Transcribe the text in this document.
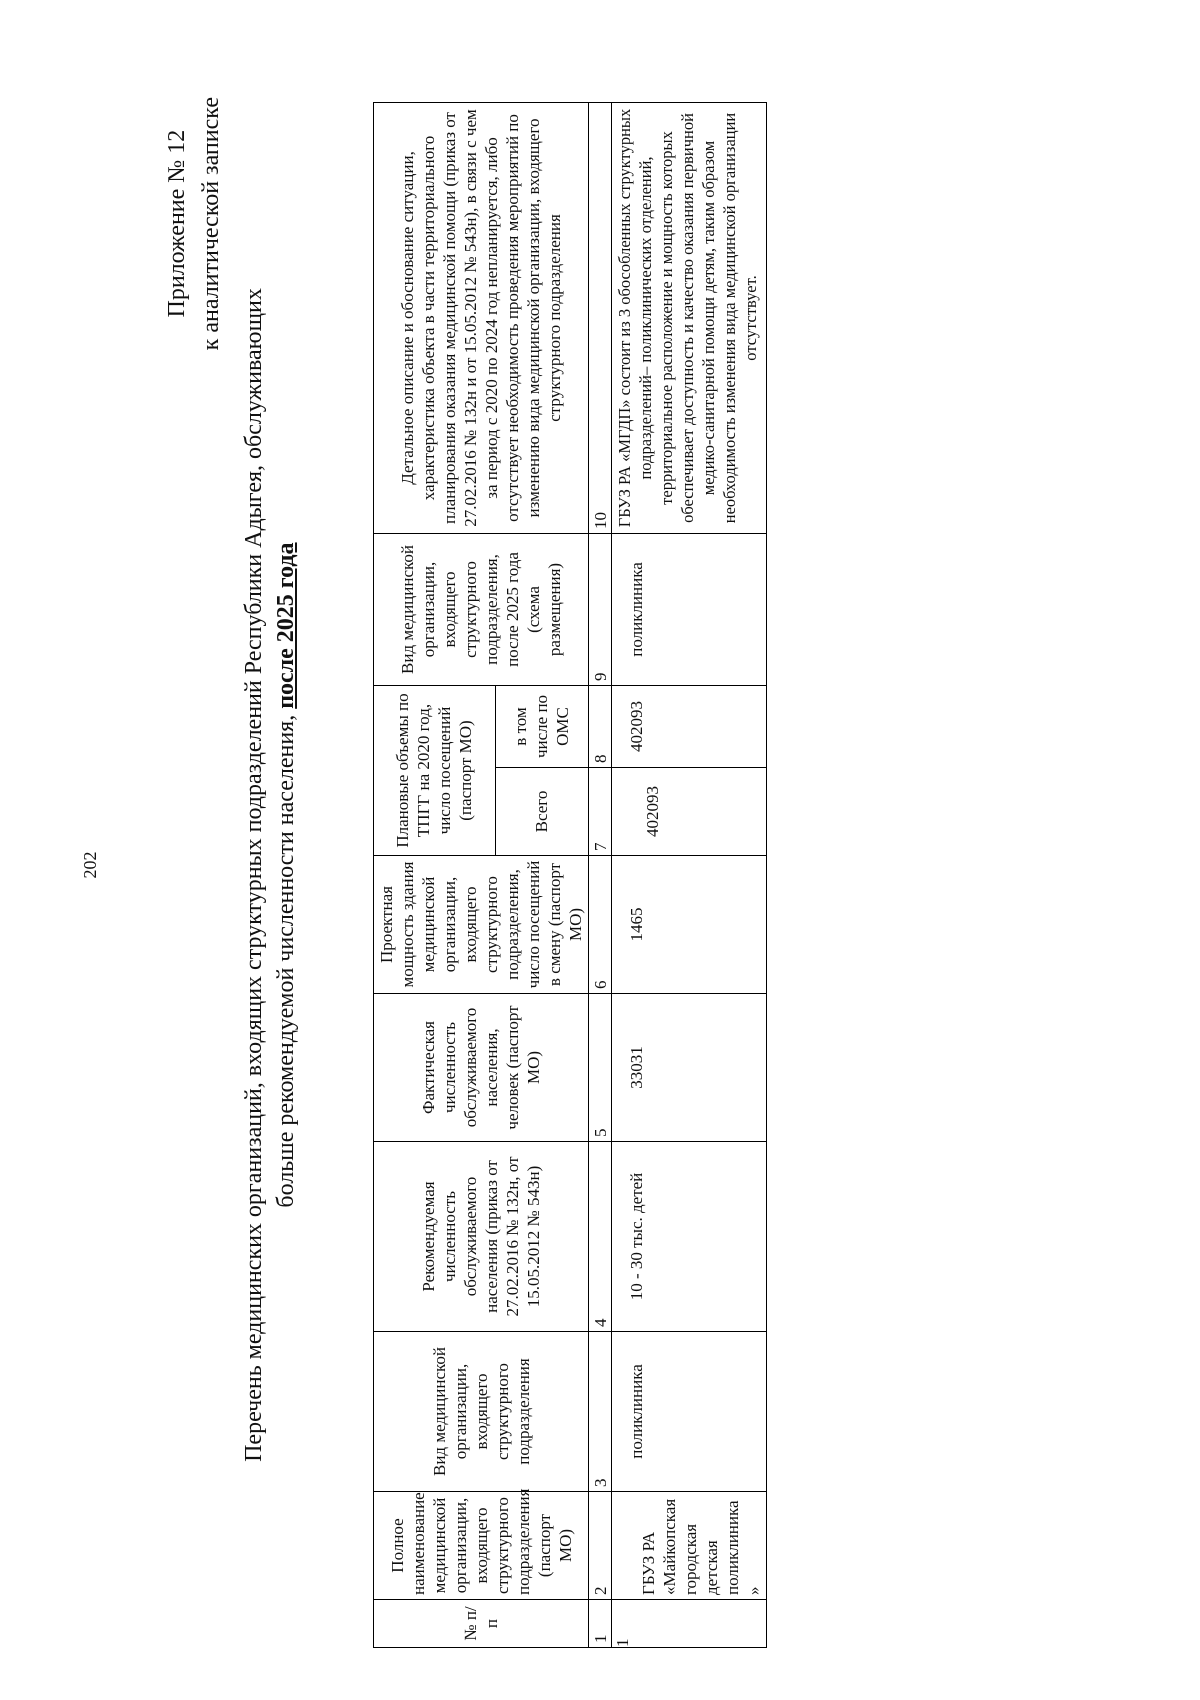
202
Приложение № 12 к аналитической записке
Перечень медицинских организаций, входящих структурных подразделений Республики Адыгея, обслуживающих больше рекомендуемой численности населения, после 2025 года
№ п/п	Полное наименование медицинской организации, входящего структурного подразделения (паспорт МО)	Вид медицинской организации, входящего структурного подразделения	Рекомендуемая численность обслуживаемого населения (приказ от 27.02.2016 № 132н, от 15.05.2012 № 543н)	Фактическая численность обслуживаемого населения, человек (паспорт МО)	Проектная мощность здания медицинской организации, входящего структурного подразделения, число посещений в смену (паспорт МО)	Плановые объемы по ТПГГ на 2020 год, число посещений (паспорт МО)		Вид медицинской организации, входящего структурного подразделения, после 2025 года (схема размещения)	Детальное описание и обоснование ситуации, характеристика объекта в части территориального планирования оказания медицинской помощи (приказ от 27.02.2016 № 132н и от 15.05.2012 № 543н), в связи с чем за период с 2020 по 2024 год непланируется, либо отсутствует необходимость проведения мероприятий по изменению вида медицинской организации, входящего структурного подразделения
						Всего	в том числе по ОМС		
1	2	3	4	5	6	7	8	9	10
1	ГБУЗ РА «Майкопская городская детская поликлиника »	поликлиника	10 - 30 тыс. детей	33031	1465	402093	402093	поликлиника	ГБУЗ РА «МГДП» состоит из 3 обособленных структурных подразделений– поликлинических отделений, территориальное расположение и мощность которых обеспечивает доступность и качество оказания первичной медико-санитарной помощи детям, таким образом необходимость изменения вида медицинской организации отсутствует.
